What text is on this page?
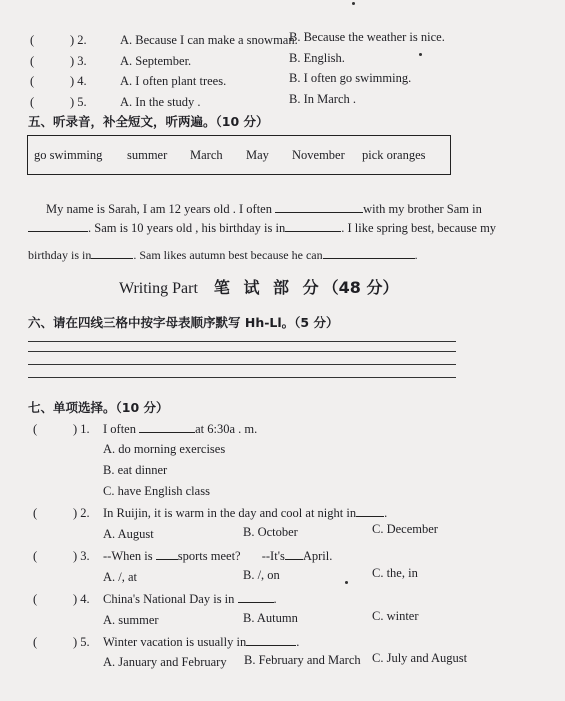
(	) 2.	A. Because I can make a snowman.
B. Because the weather is nice.
(	) 3.	A. September.	B. English.
(	) 4.	A. I often plant trees.	B. I often go swimming.
(	) 5.	A. In the study .	B. In March .
五、听录音，补全短文，听两遍。（10 分）
go swimming summer March May November pick oranges
My name is Sarah, I am 12 years old . I often	with my brother Sam in
. Sam is 10 years old , his birthday is in	. I like spring best, because my
birthday is in	. Sam likes autumn best because he can	.
Writing Part 笔 试 部 分（48 分）
六、请在四线三格中按字母表顺序默写 Hh-Ll。（5 分）
七、单项选择。（10 分）
(	) 1. I often	at 6:30a . m.
A. do morning exercises
B. eat dinner
C. have English class
(	) 2. In Ruijin, it is warm in the day and cool at night in .
A. August	B. October	C. December
(	) 3. --When is sports meet? --It's April.
A. /, at	B. /, on	C. the, in
(	) 4. China's National Day is in	.
A. summer	B. Autumn	C. winter
(	) 5. Winter vacation is usually in	.
A. January and February B. February and March C. July and August
